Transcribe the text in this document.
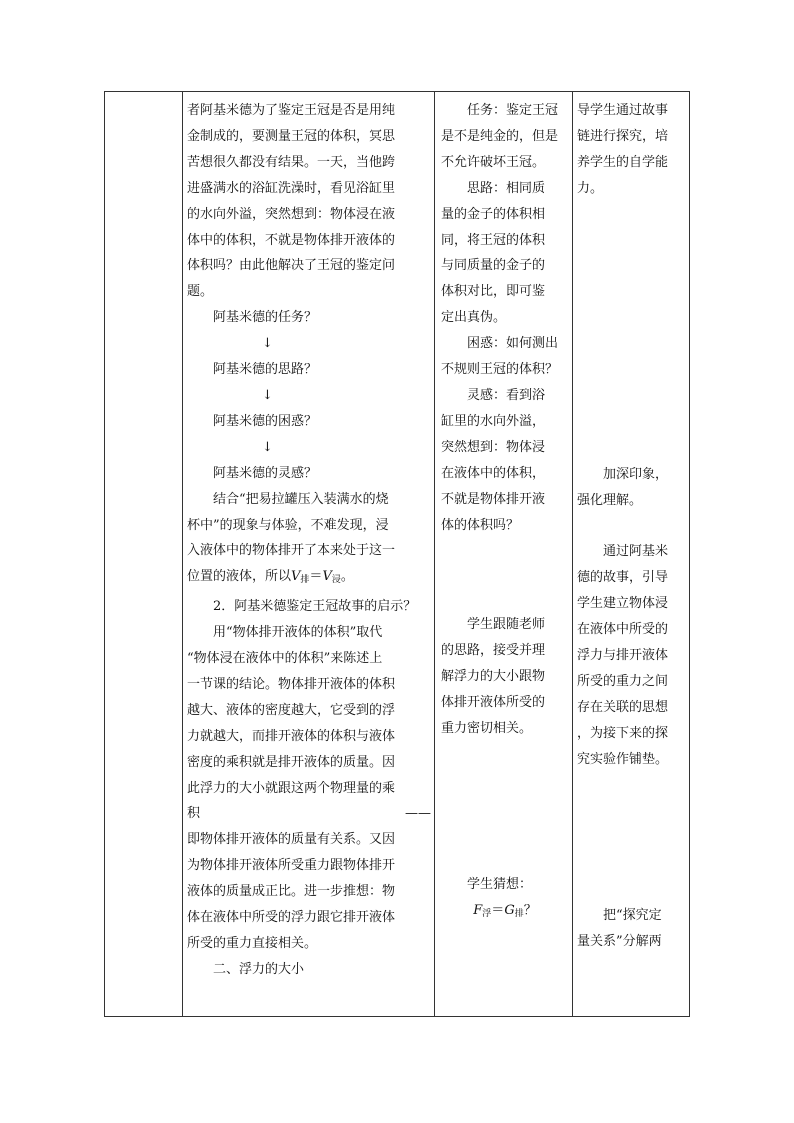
者阿基米德为了鉴定王冠是否是用纯

金制成的，要测量王冠的体积，冥思

苦想很久都没有结果。一天，当他跨

进盛满水的浴缸洗澡时，看见浴缸里

的水向外溢，突然想到：物体浸在液

体中的体积，不就是物体排开液体的

体积吗？由此他解决了王冠的鉴定问

题。

阿基米德的任务？

↓

阿基米德的思路？

↓

阿基米德的困惑？

↓

阿基米德的灵感？

结合“把易拉罐压入装满水的烧

杯中”的现象与体验，不难发现，浸

入液体中的物体排开了本来处于这一

位置的液体，所以$V_排=V_浸$。

2．阿基米德鉴定王冠故事的启示？

用“物体排开液体的体积”取代

“物体浸在液体中的体积”来陈述上

一节课的结论。物体排开液体的体积

越大、液体的密度越大，它受到的浮

力就越大，而排开液体的体积与液体

密度的乘积就是排开液体的质量。因

此浮力的大小就跟这两个物理量的乘

积	——

即物体排开液体的质量有关系。又因

为物体排开液体所受重力跟物体排开

液体的质量成正比。进一步推想：物

体在液体中所受的浮力跟它排开液体

所受的重力直接相关。

二、浮力的大小

任务：鉴定王冠

是不是纯金的，但是

不允许破坏王冠。

思路：相同质

量的金子的体积相

同，将王冠的体积

与同质量的金子的

体积对比，即可鉴

定出真伪。

困惑：如何测出

不规则王冠的体积？

灵感：看到浴

缸里的水向外溢，

突然想到：物体浸

在液体中的体积，

不就是物体排开液

体的体积吗？

学生跟随老师

的思路，接受并理

解浮力的大小跟物

体排开液体所受的

重力密切相关。

学生猜想：

$F_浮=G_排$？

导学生通过故事

链进行探究，培

养学生的自学能

力。

加深印象，

强化理解。

通过阿基米

德的故事，引导

学生建立物体浸

在液体中所受的

浮力与排开液体

所受的重力之间

存在关联的思想

，为接下来的探

究实验作铺垫。

把“探究定

量关系”分解两
